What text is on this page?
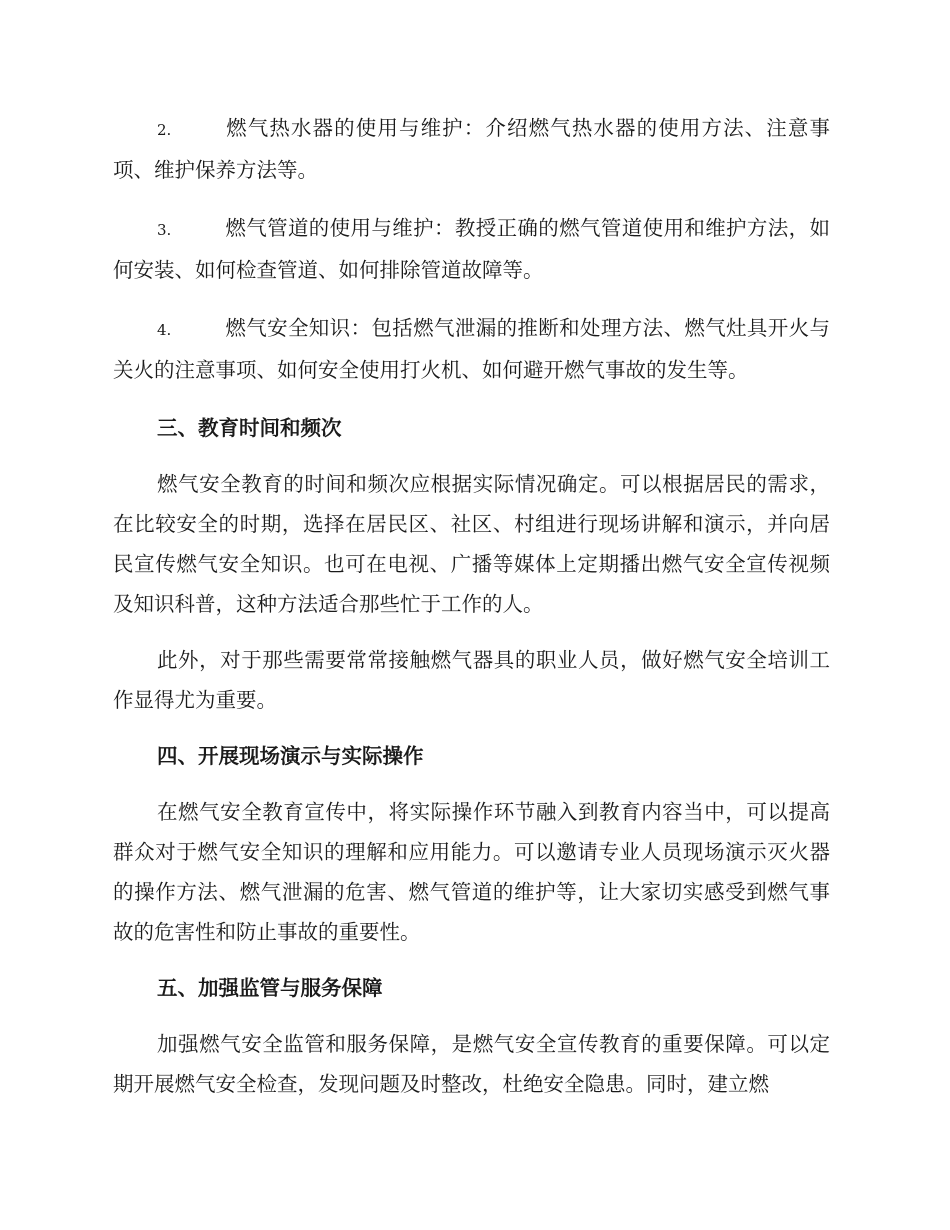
2.	燃气热水器的使用与维护：介绍燃气热水器的使用方法、注意事项、维护保养方法等。

3.	燃气管道的使用与维护：教授正确的燃气管道使用和维护方法，如何安装、如何检查管道、如何排除管道故障等。

4.	燃气安全知识：包括燃气泄漏的推断和处理方法、燃气灶具开火与关火的注意事项、如何安全使用打火机、如何避开燃气事故的发生等。

三、教育时间和频次

燃气安全教育的时间和频次应根据实际情况确定。可以根据居民的需求，在比较安全的时期，选择在居民区、社区、村组进行现场讲解和演示，并向居民宣传燃气安全知识。也可在电视、广播等媒体上定期播出燃气安全宣传视频及知识科普，这种方法适合那些忙于工作的人。

此外，对于那些需要常常接触燃气器具的职业人员，做好燃气安全培训工作显得尤为重要。

四、开展现场演示与实际操作

在燃气安全教育宣传中，将实际操作环节融入到教育内容当中，可以提高群众对于燃气安全知识的理解和应用能力。可以邀请专业人员现场演示灭火器的操作方法、燃气泄漏的危害、燃气管道的维护等，让大家切实感受到燃气事故的危害性和防止事故的重要性。

五、加强监管与服务保障

加强燃气安全监管和服务保障，是燃气安全宣传教育的重要保障。可以定期开展燃气安全检查，发现问题及时整改，杜绝安全隐患。同时，建立燃
